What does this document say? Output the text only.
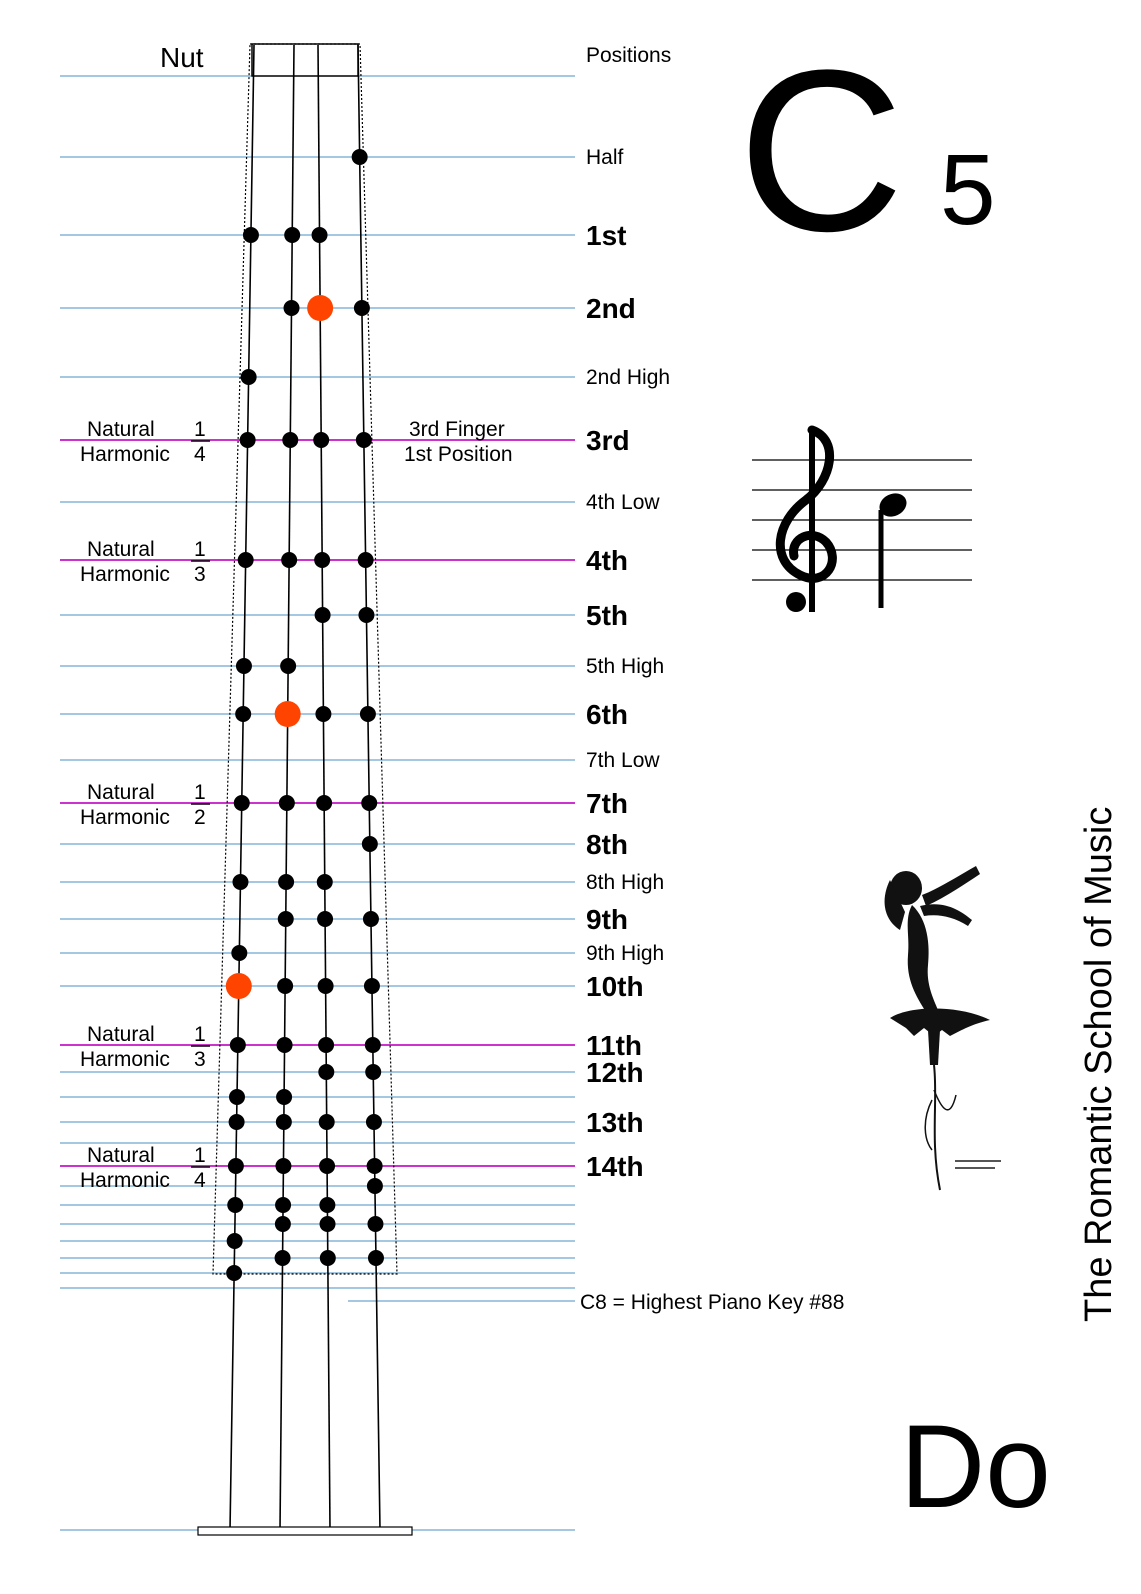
Nut	Positions
Half
1st
2nd
2nd High
3rd
4th Low
4th
5th
5th High
6th
7th Low
7th
8th
8th High
9th
9th High
10th
11th
12th
13th
14th
Natural
Harmonic
1
4
Natural
Harmonic
1
3
Natural
Harmonic
1
2
Natural
Harmonic
1
3
Natural
Harmonic
1
4
3rd Finger
1st Position
C8 = Highest Piano Key #88
C 5
Do
The Romantic School of Music
